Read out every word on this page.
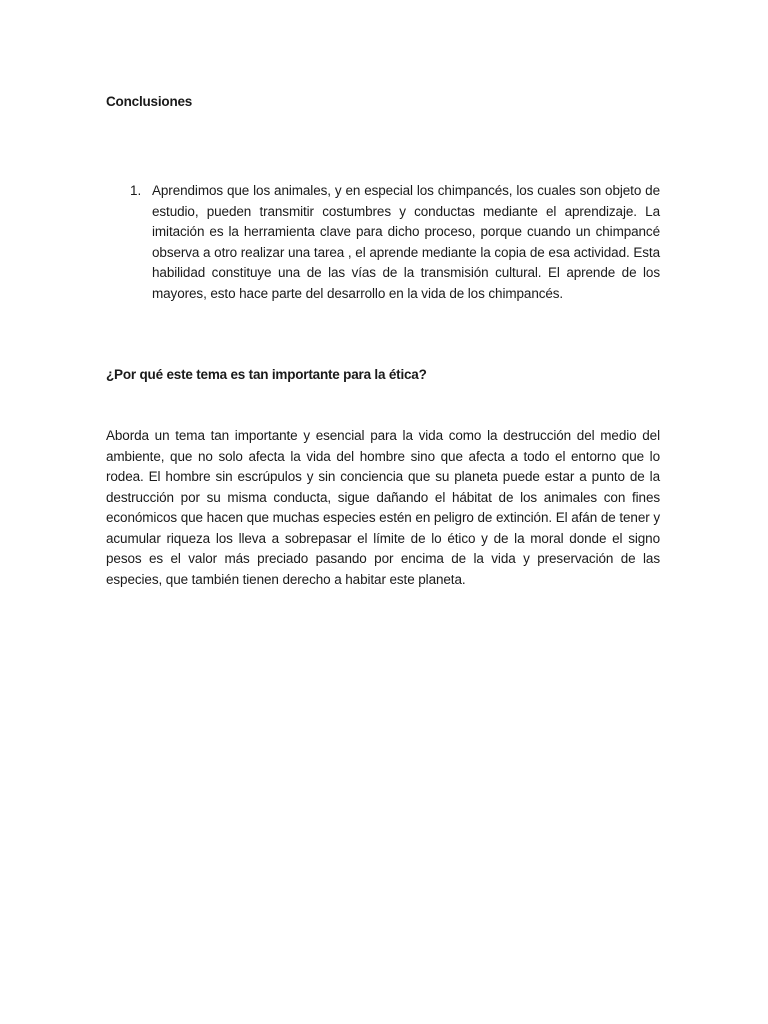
Conclusiones
1. Aprendimos que los animales, y en especial los chimpancés, los cuales son objeto de estudio, pueden transmitir costumbres y conductas mediante el aprendizaje. La imitación es la herramienta clave para dicho proceso, porque cuando un chimpancé observa a otro realizar una tarea , el aprende mediante la copia de esa actividad. Esta habilidad constituye una de las vías de la transmisión cultural. El aprende de los mayores, esto hace parte del desarrollo en la vida de los chimpancés.

¿Por qué este tema es tan importante para la ética?

Aborda un tema tan importante y esencial para la vida como la destrucción del medio del ambiente, que no solo afecta la vida del hombre sino que afecta a todo el entorno que lo rodea. El hombre sin escrúpulos y sin conciencia que su planeta puede estar a punto de la destrucción por su misma conducta, sigue dañando el hábitat de los animales con fines económicos que hacen que muchas especies estén en peligro de extinción. El afán de tener y acumular riqueza los lleva a sobrepasar el límite de lo ético y de la moral donde el signo pesos es el valor más preciado pasando por encima de la vida y preservación de las especies, que también tienen derecho a habitar este planeta.
